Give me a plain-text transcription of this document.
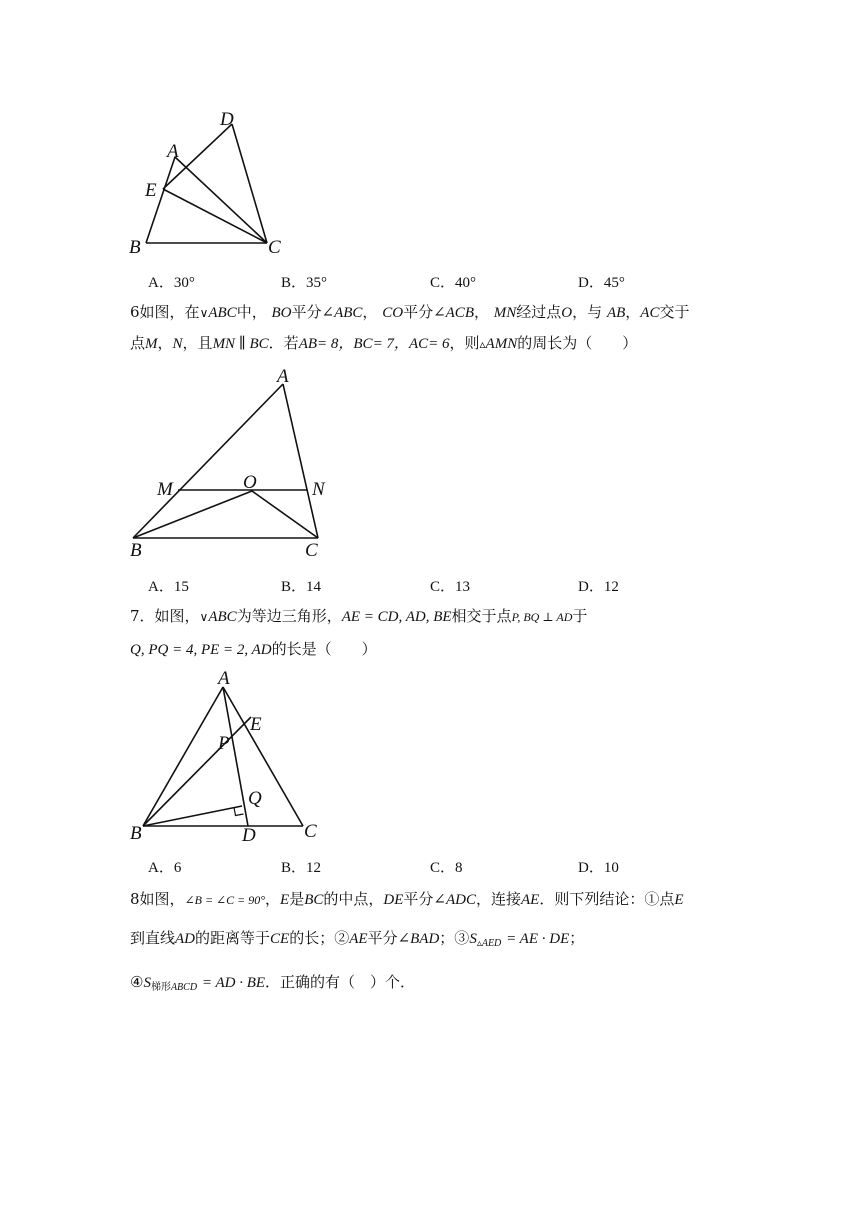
D
A
E
B	C
A．30°	B．35°	C．40°	D．45°
6如图，在∨ABC中， BO平分∠ABC， CO平分∠ACB， MN经过点O，与 AB，AC交于
点M，N，且MN ∥ BC．若AB= 8，BC= 7，AC= 6，则▵AMN的周长为（　　）
A
M	O	N
B	C
A．15	B．14	C．13	D．12
7．如图，∨ABC为等边三角形，AE = CD, AD, BE相交于点P, BQ ⊥ AD于
Q, PQ = 4, PE = 2, AD的长是（　　）
A
E
P
Q
B	D	C
A．6	B．12	C．8	D．10
8如图，∠B = ∠C = 90°，E是BC的中点，DE平分∠ADC，连接AE．则下列结论：①点E
到直线AD的距离等于CE的长；②AE平分∠BAD；$③S_{▵AED}$ = AE · DE；
$④S_{梯形ABCD}$ = AD · BE．正确的有（　）个．
